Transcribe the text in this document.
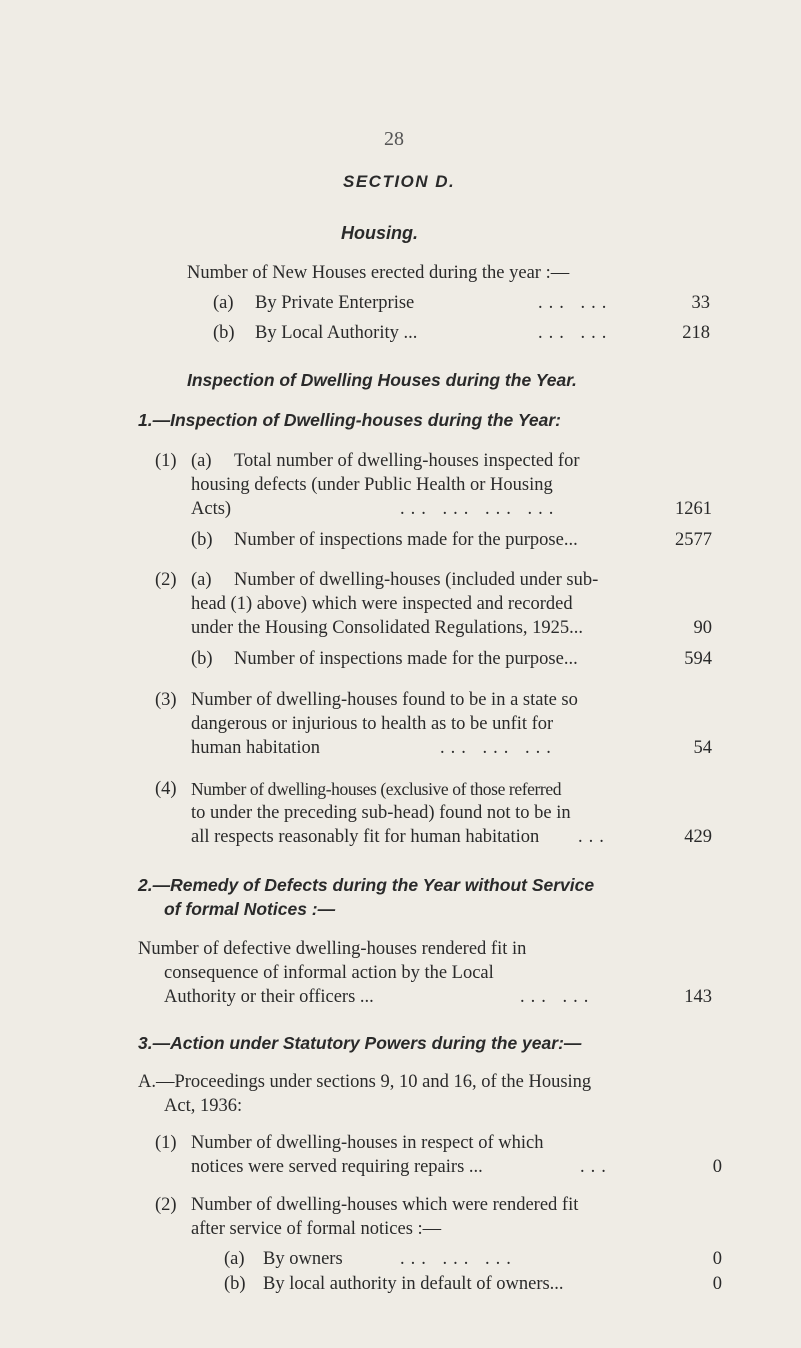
28
SECTION D.
Housing.
Number of New Houses erected during the year :—
(a) By Private Enterprise	... ...	33
(b) By Local Authority ...	... ...	218
Inspection of Dwelling Houses during the Year.
1.—Inspection of Dwelling-houses during the Year:
(1) (a) Total number of dwelling-houses inspected for
housing defects (under Public Health or Housing
Acts)	... ... ... ...	1261
(b) Number of inspections made for the purpose...	2577
(2) (a) Number of dwelling-houses (included under sub-
head (1) above) which were inspected and recorded
under the Housing Consolidated Regulations, 1925...	90
(b) Number of inspections made for the purpose...	594
(3) Number of dwelling-houses found to be in a state so
dangerous or injurious to health as to be unfit for
human habitation	... ... ...	54
(4) Number of dwelling-houses (exclusive of those referred
to under the preceding sub-head) found not to be in
all respects reasonably fit for human habitation ...	429
2.—Remedy of Defects during the Year without Service
of formal Notices :—
Number of defective dwelling-houses rendered fit in
consequence of informal action by the Local
Authority or their officers ...	... ...	143
3.—Action under Statutory Powers during the year:—
A.—Proceedings under sections 9, 10 and 16, of the Housing
Act, 1936:
(1) Number of dwelling-houses in respect of which
notices were served requiring repairs ...	...	0
(2) Number of dwelling-houses which were rendered fit
after service of formal notices :—
(a) By owners	... ... ...	0
(b) By local authority in default of owners...	0
